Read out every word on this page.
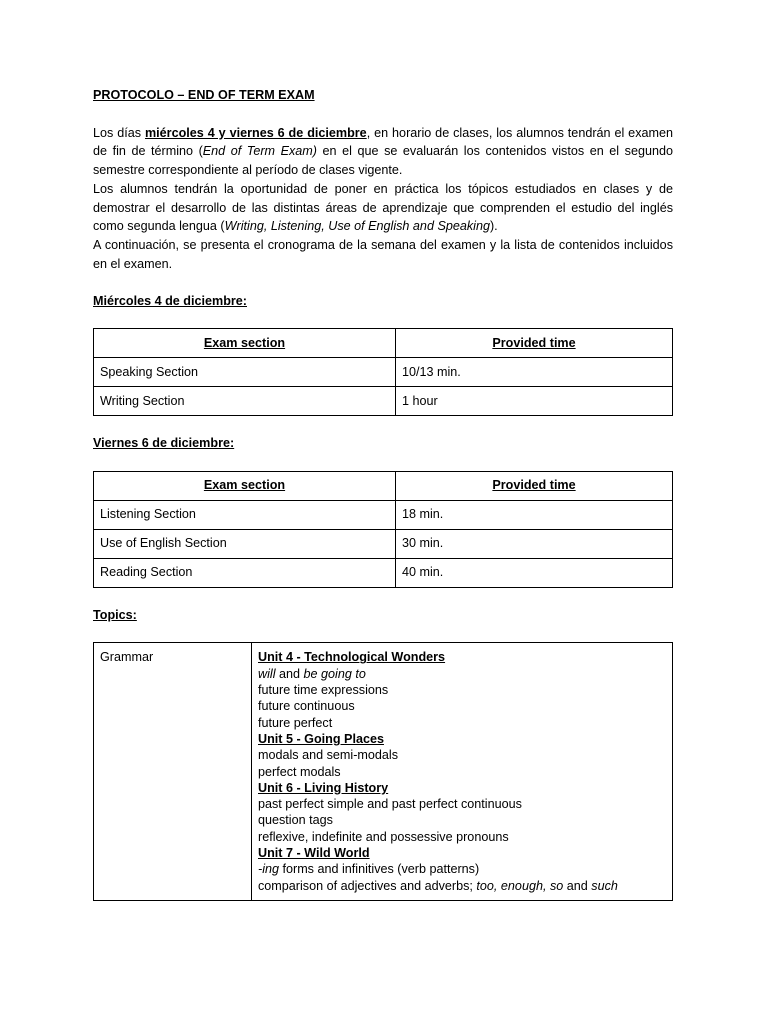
PROTOCOLO – END OF TERM EXAM

Los días miércoles 4 y viernes 6 de diciembre, en horario de clases, los alumnos tendrán el examen de fin de término (End of Term Exam) en el que se evaluarán los contenidos vistos en el segundo semestre correspondiente al período de clases vigente.

Los alumnos tendrán la oportunidad de poner en práctica los tópicos estudiados en clases y de demostrar el desarrollo de las distintas áreas de aprendizaje que comprenden el estudio del inglés como segunda lengua (Writing, Listening, Use of English and Speaking).

A continuación, se presenta el cronograma de la semana del examen y la lista de contenidos incluidos en el examen.

Miércoles 4 de diciembre:

Exam section	Provided time
Speaking Section	10/13 min.
Writing Section	1 hour

Viernes 6 de diciembre:

Exam section	Provided time
Listening Section	18 min.
Use of English Section	30 min.
Reading Section	40 min.

Topics:

Grammar	Unit 4 - Technological Wonders
will and be going to
future time expressions
future continuous
future perfect
Unit 5 - Going Places
modals and semi-modals
perfect modals
Unit 6 - Living History
past perfect simple and past perfect continuous
question tags
reflexive, indefinite and possessive pronouns
Unit 7 - Wild World
-ing forms and infinitives (verb patterns)
comparison of adjectives and adverbs; too, enough, so and such
